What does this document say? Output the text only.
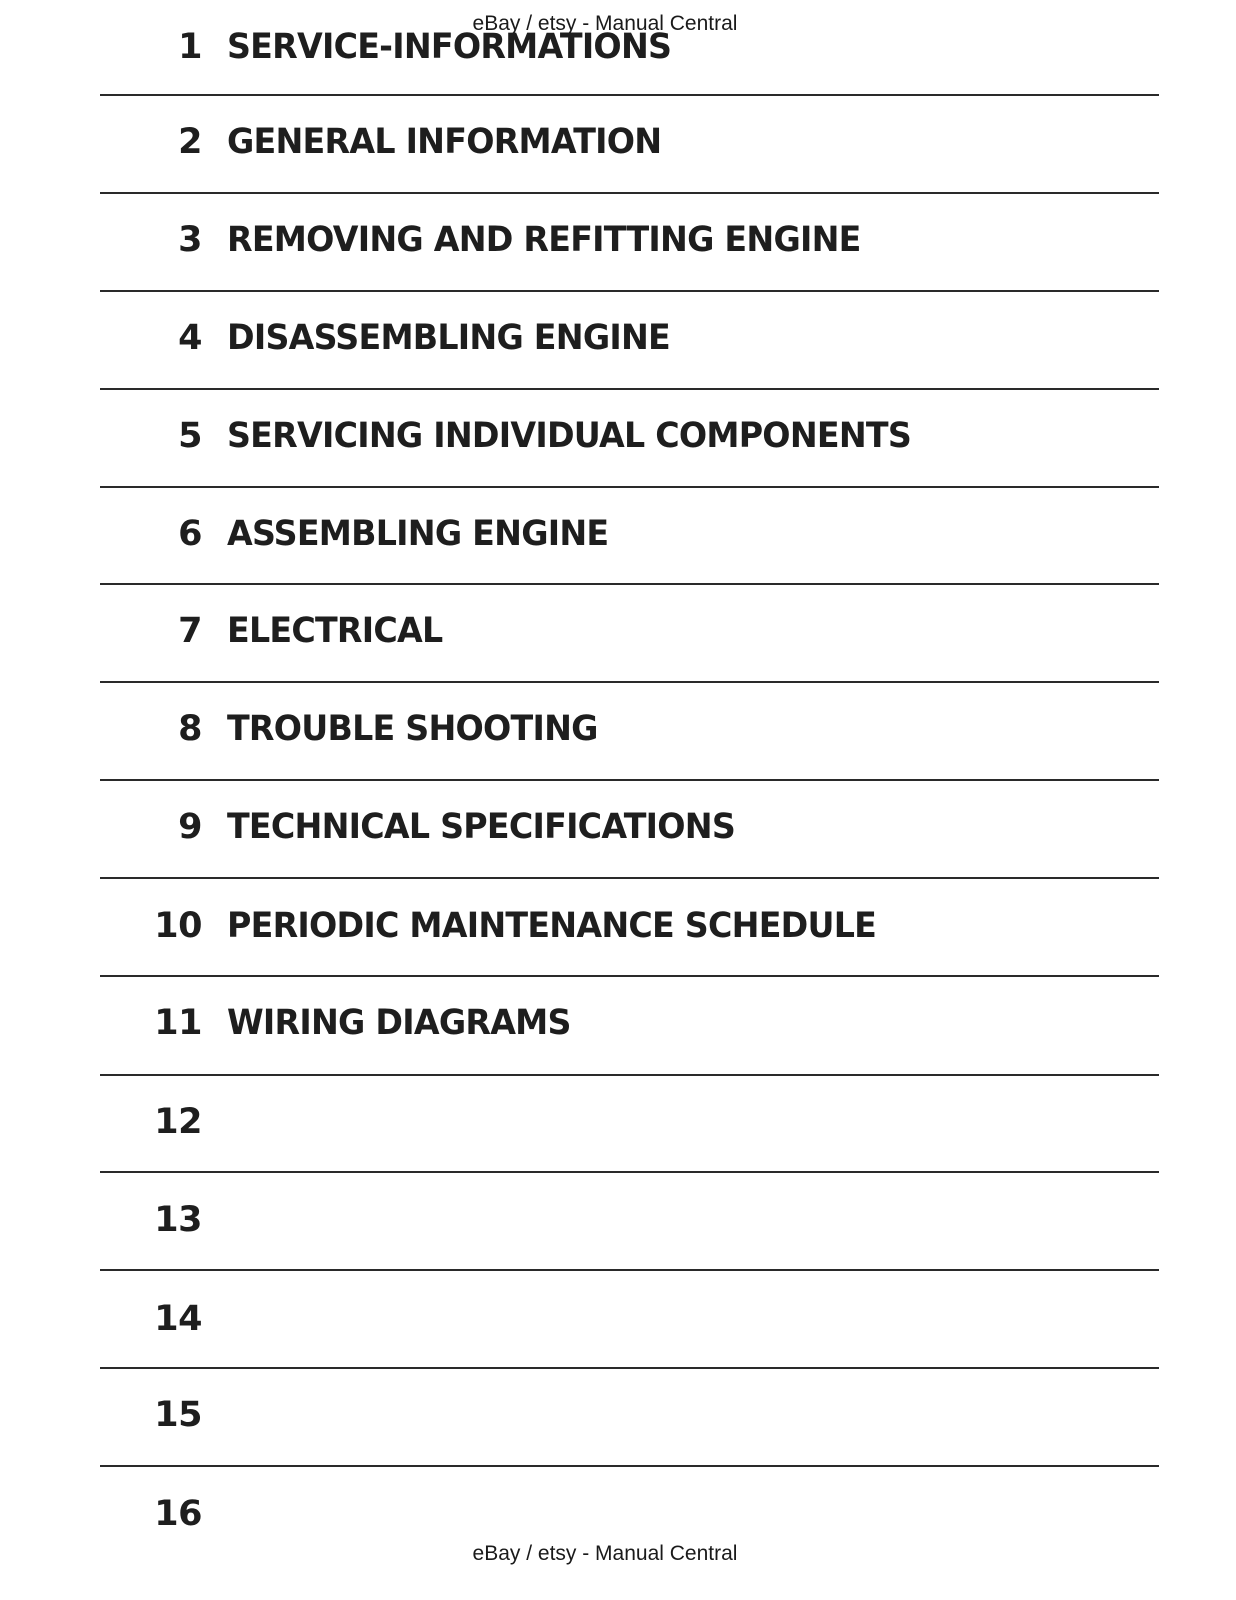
eBay / etsy - Manual Central
1 SERVICE-INFORMATIONS
2 GENERAL INFORMATION
3 REMOVING AND REFITTING ENGINE
4 DISASSEMBLING ENGINE
5 SERVICING INDIVIDUAL COMPONENTS
6 ASSEMBLING ENGINE
7 ELECTRICAL
8 TROUBLE SHOOTING
9 TECHNICAL SPECIFICATIONS
10 PERIODIC MAINTENANCE SCHEDULE
11 WIRING DIAGRAMS
12
13
14
15
16
eBay / etsy - Manual Central
